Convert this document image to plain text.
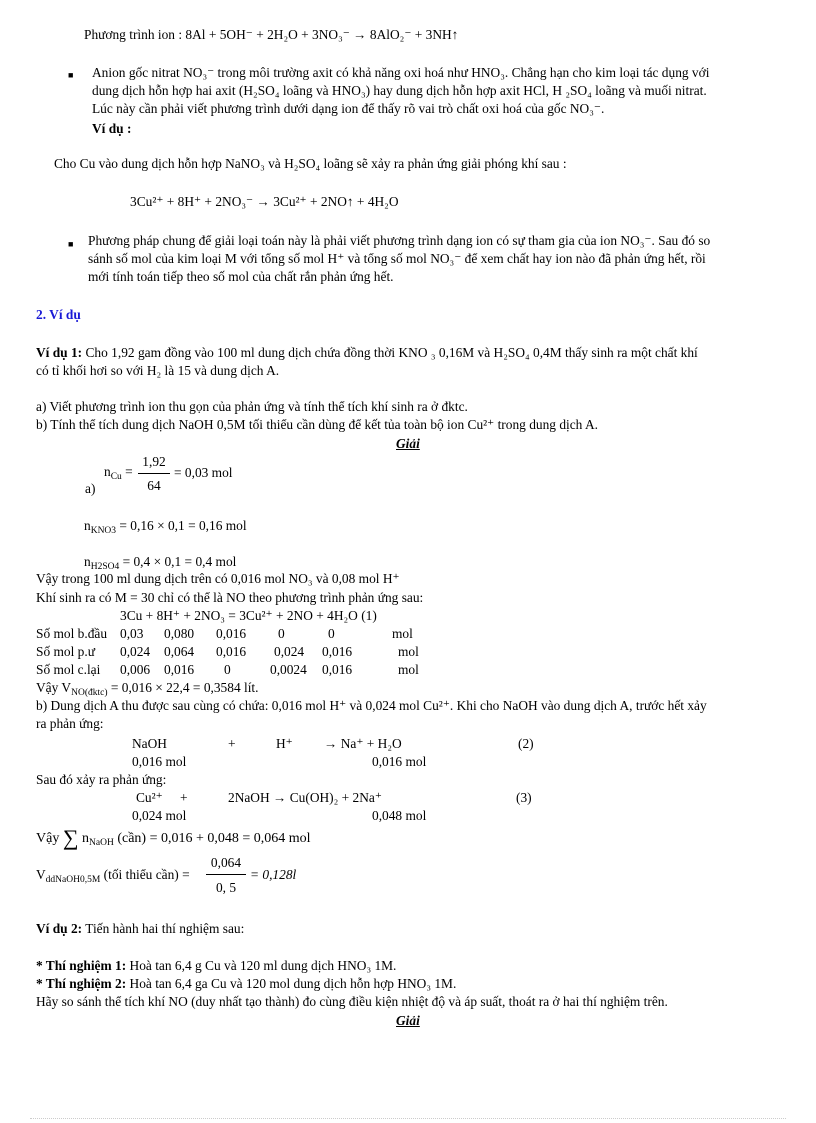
Phương trình ion : 8Al + 5OH⁻ + 2H₂O + 3NO₃⁻ → 8AlO₂⁻ + 3NH↑
■ Anion gốc nitrat NO₃⁻ trong môi trường axit có khả năng oxi hoá như HNO₃. Chẳng hạn cho kim loại tác dụng với
dung dịch hỗn hợp hai axit (H₂SO₄ loãng và HNO₃) hay dung dịch hỗn hợp axit HCl, H ₂SO₄ loãng và muối nitrat.
Lúc này cần phải viết phương trình dưới dạng ion để thấy rõ vai trò chất oxi hoá của gốc NO₃⁻.
Ví dụ :
Cho Cu vào dung dịch hỗn hợp NaNO₃ và H₂SO₄ loãng sẽ xảy ra phản ứng giải phóng khí sau :
3Cu²⁺ + 8H⁺ + 2NO₃⁻ → 3Cu²⁺ + 2NO↑ + 4H₂O
■ Phương pháp chung để giải loại toán này là phải viết phương trình dạng ion có sự tham gia của ion NO₃⁻. Sau đó so
sánh số mol của kim loại M với tổng số mol H⁺ và tổng số mol NO₃⁻ để xem chất hay ion nào đã phản ứng hết, rồi
mới tính toán tiếp theo số mol của chất rắn phản ứng hết.
2. Ví dụ
Ví dụ 1: Cho 1,92 gam đồng vào 100 ml dung dịch chứa đồng thời KNO ₃ 0,16M và H₂SO₄ 0,4M thấy sinh ra một chất khí
có tỉ khối hơi so với H₂ là 15 và dung dịch A.
a) Viết phương trình ion thu gọn của phản ứng và tính thể tích khí sinh ra ở đktc.
b) Tính thể tích dung dịch NaOH 0,5M tối thiểu cần dùng để kết tủa toàn bộ ion Cu²⁺ trong dung dịch A.
Giải
a)
$n_{Cu}$ =
1,92
64
= 0,03 mol
$n_{KNO3} = 0,16 \times 0,1 = 0,16$ mol
$n_{H2SO4} = 0,4 \times 0,1 = 0,4$ mol
Vậy trong 100 ml dung dịch trên có 0,016 mol NO₃ và 0,08 mol H⁺
Khí sinh ra có M = 30 chỉ có thể là NO theo phương trình phản ứng sau:
3Cu + 8H⁺ + 2NO₃ = 3Cu²⁺ + 2NO + 4H₂O (1)
Số mol b.đầu 0,03 0,080 0,016 0	0	mol
Số mol p.ư 0,024 0,064 0,016 0,024 0,016	mol
Số mol c.lại 0,006 0,016 0	0,0024 0,016	mol
Vậy $V_{NO(đktc)} = 0,016 \times 22,4 = 0,3584$ lít.
b) Dung dịch A thu được sau cùng có chứa: 0,016 mol H⁺ và 0,024 mol Cu²⁺. Khi cho NaOH vào dung dịch A, trước hết xảy
ra phản ứng:
NaOH	+	H⁺ → Na⁺ + H₂O	(2)
0,016 mol	0,016 mol
Sau đó xảy ra phản ứng:
Cu²⁺ +	2NaOH → Cu(OH)₂ + 2Na⁺	(3)
0,024 mol	0,048 mol
Vậy ∑ $n_{NaOH}$ (cần) = 0,016 + 0,048 = 0,064 mol
$V_{ddNaOH0,5M}$ (tối thiểu cần) =
0,064
0, 5
= 0,128l
Ví dụ 2: Tiến hành hai thí nghiệm sau:
* Thí nghiệm 1: Hoà tan 6,4 g Cu và 120 ml dung dịch HNO₃ 1M.
* Thí nghiệm 2: Hoà tan 6,4 ga Cu và 120 mol dung dịch hỗn hợp HNO₃ 1M.
Hãy so sánh thể tích khí NO (duy nhất tạo thành) đo cùng điều kiện nhiệt độ và áp suất, thoát ra ở hai thí nghiệm trên.
Giải
